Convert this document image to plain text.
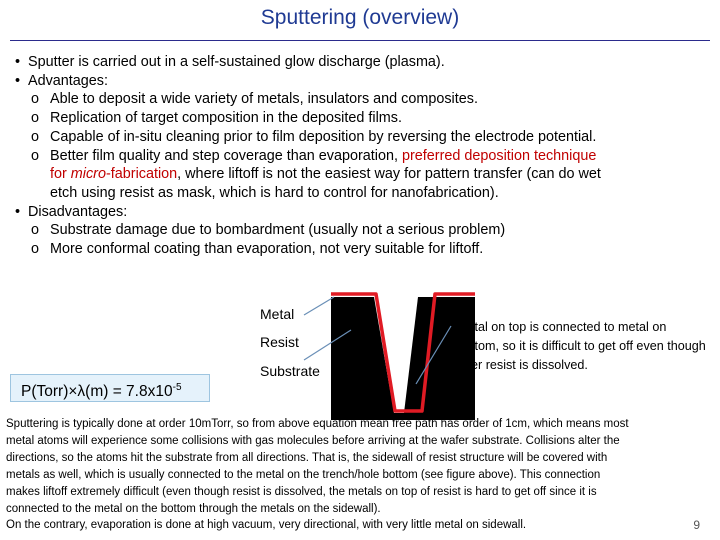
Sputtering (overview)
• Sputter is carried out in a self-sustained glow discharge (plasma).
• Advantages:
o Able to deposit a wide variety of metals, insulators and composites.
o Replication of target composition in the deposited films.
o Capable of in-situ cleaning prior to film deposition by reversing the electrode potential.
o Better film quality and step coverage than evaporation, preferred deposition technique
for micro-fabrication, where liftoff is not the easiest way for pattern transfer (can do wet
etch using resist as mask, which is hard to control for nanofabrication).
• Disadvantages:
o Substrate damage due to bombardment (usually not a serious problem)
o More conformal coating than evaporation, not very suitable for liftoff.
Metal
Resist
Substrate
Metal on top is connected to metal on bottom, so it is difficult to get off even though after resist is dissolved.
P(Torr)×λ(m) = $7.8x10^{-5}$
Sputtering is typically done at order 10mTorr, so from above equation mean free path has order of 1cm, which means most
metal atoms will experience some collisions with gas molecules before arriving at the wafer substrate. Collisions alter the
directions, so the atoms hit the substrate from all directions. That is, the sidewall of resist structure will be covered with
metals as well, which is usually connected to the metal on the trench/hole bottom (see figure above). This connection
makes liftoff extremely difficult (even though resist is dissolved, the metals on top of resist is hard to get off since it is
connected to the metal on the bottom through the metals on the sidewall).
On the contrary, evaporation is done at high vacuum, very directional, with very little metal on sidewall.	9
